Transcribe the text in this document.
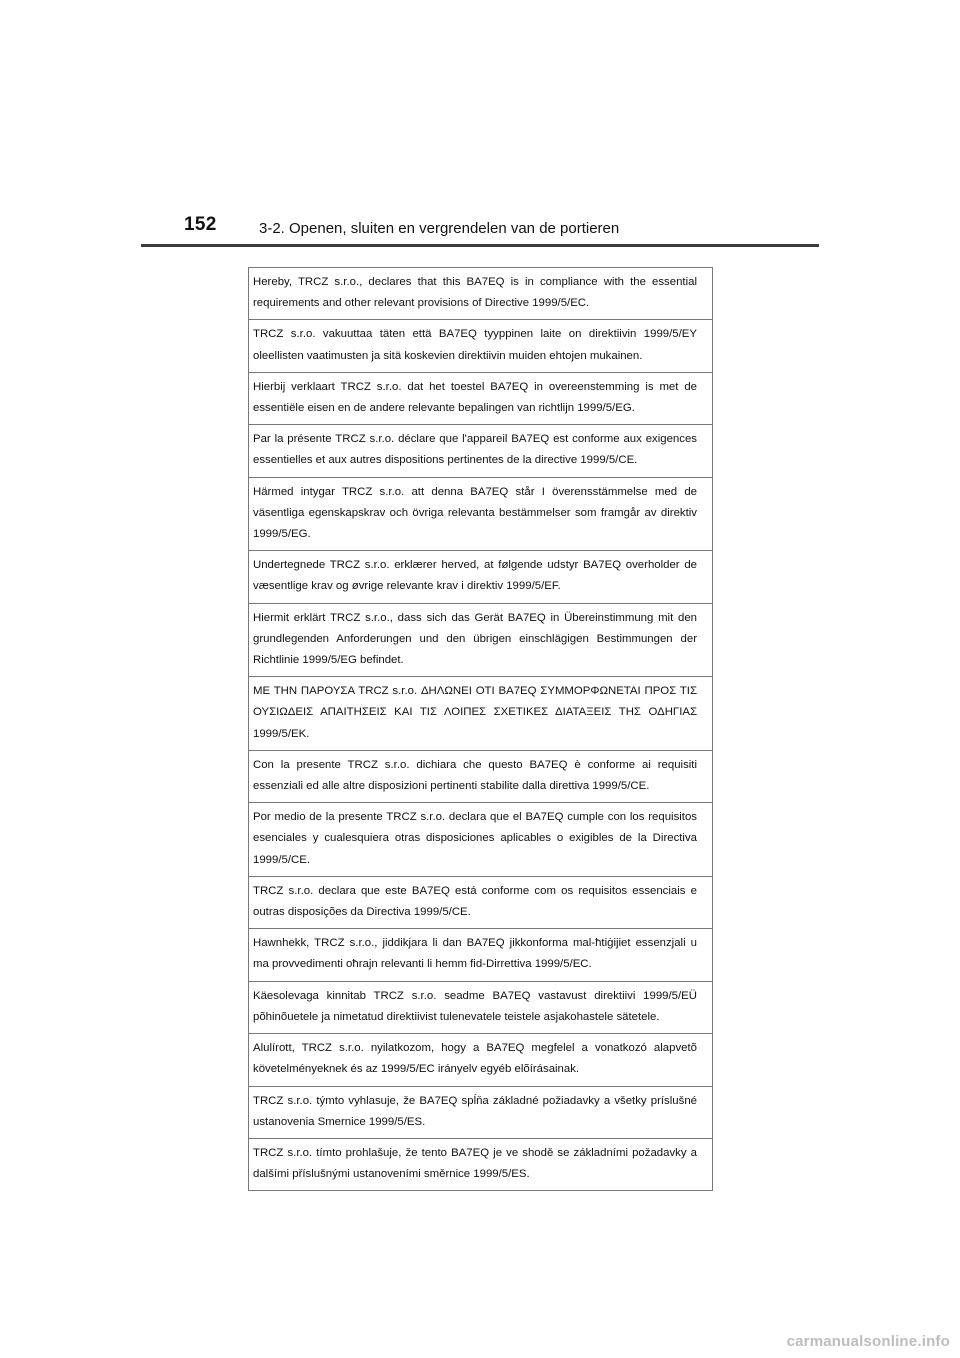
152	3-2. Openen, sluiten en vergrendelen van de portieren
Hereby, TRCZ s.r.o., declares that this BA7EQ is in compliance with the essential requirements and other relevant provisions of Directive 1999/5/EC.
TRCZ s.r.o. vakuuttaa täten että BA7EQ tyyppinen laite on direktiivin 1999/5/EY oleellisten vaatimusten ja sitä koskevien direktiivin muiden ehtojen mukainen.
Hierbij verklaart TRCZ s.r.o. dat het toestel BA7EQ in overeenstemming is met de essentiële eisen en de andere relevante bepalingen van richtlijn 1999/5/EG.
Par la présente TRCZ s.r.o. déclare que l'appareil BA7EQ est conforme aux exigences essentielles et aux autres dispositions pertinentes de la directive 1999/5/CE.
Härmed intygar TRCZ s.r.o. att denna BA7EQ står I överensstämmelse med de väsentliga egenskapskrav och övriga relevanta bestämmelser som framgår av direktiv 1999/5/EG.
Undertegnede TRCZ s.r.o. erklærer herved, at følgende udstyr BA7EQ overholder de væsentlige krav og øvrige relevante krav i direktiv 1999/5/EF.
Hiermit erklärt TRCZ s.r.o., dass sich das Gerät BA7EQ in Übereinstimmung mit den grundlegenden Anforderungen und den übrigen einschlägigen Bestimmungen der Richtlinie 1999/5/EG befindet.
ΜΕ ΤΗΝ ΠΑΡΟΥΣΑ TRCZ s.r.o. ΔΗΛΩΝΕΙ ΟΤΙ BA7EQ ΣΥΜΜΟΡΦΩΝΕΤΑΙ ΠΡΟΣ ΤΙΣ ΟΥΣΙΩΔΕΙΣ ΑΠΑΙΤΗΣΕΙΣ ΚΑΙ ΤΙΣ ΛΟΙΠΕΣ ΣΧΕΤΙΚΕΣ ΔΙΑΤΑΞΕΙΣ ΤΗΣ ΟΔΗΓΙΑΣ 1999/5/ΕΚ.
Con la presente TRCZ s.r.o. dichiara che questo BA7EQ è conforme ai requisiti essenziali ed alle altre disposizioni pertinenti stabilite dalla direttiva 1999/5/CE.
Por medio de la presente TRCZ s.r.o. declara que el BA7EQ cumple con los requisitos esenciales y cualesquiera otras disposiciones aplicables o exigibles de la Directiva 1999/5/CE.
TRCZ s.r.o. declara que este BA7EQ está conforme com os requisitos essenciais e outras disposições da Directiva 1999/5/CE.
Hawnhekk, TRCZ s.r.o., jiddikjara li dan BA7EQ jikkonforma mal-ħtiġijiet essenzjali u ma provvedimenti oħrajn relevanti li hemm fid-Dirrettiva 1999/5/EC.
Käesolevaga kinnitab TRCZ s.r.o. seadme BA7EQ vastavust direktiivi 1999/5/EÜ põhinõuetele ja nimetatud direktiivist tulenevatele teistele asjakohastele sätetele.
Alulírott, TRCZ s.r.o. nyilatkozom, hogy a BA7EQ megfelel a vonatkozó alapvetõ követelményeknek és az 1999/5/EC irányelv egyéb elõírásainak.
TRCZ s.r.o. týmto vyhlasuje, že BA7EQ spĺňa základné požiadavky a všetky príslušné ustanovenia Smernice 1999/5/ES.
TRCZ s.r.o. tímto prohlašuje, že tento BA7EQ je ve shodě se základními požadavky a dalšími příslušnými ustanoveními směrnice 1999/5/ES.
carmanualsonline.info
